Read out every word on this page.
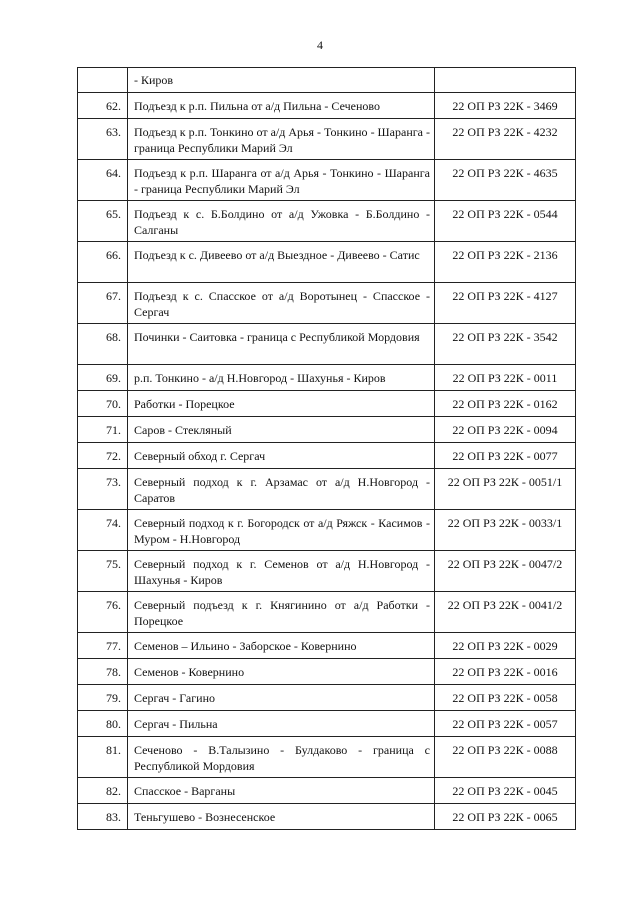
4
	- Киров	
62.	Подъезд к р.п. Пильна от а/д Пильна - Сеченово	22 ОП РЗ 22К - 3469
63.	Подъезд к р.п. Тонкино от а/д Арья - Тонкино - Шаранга - граница Республики Марий Эл	22 ОП РЗ 22К - 4232
64.	Подъезд к р.п. Шаранга от а/д Арья - Тонкино - Шаранга - граница Республики Марий Эл	22 ОП РЗ 22К - 4635
65.	Подъезд к с. Б.Болдино от а/д Ужовка - Б.Болдино - Салганы	22 ОП РЗ 22К - 0544
66.	Подъезд к с. Дивеево от а/д Выездное - Дивеево - Сатис	22 ОП РЗ 22К - 2136
67.	Подъезд к с. Спасское от а/д Воротынец - Спасское - Сергач	22 ОП РЗ 22К - 4127
68.	Починки - Саитовка - граница с Республикой Мордовия	22 ОП РЗ 22К - 3542
69.	р.п. Тонкино - а/д Н.Новгород - Шахунья - Киров	22 ОП РЗ 22К - 0011
70.	Работки - Порецкое	22 ОП РЗ 22К - 0162
71.	Саров - Стекляный	22 ОП РЗ 22К - 0094
72.	Северный обход г. Сергач	22 ОП РЗ 22К - 0077
73.	Северный подход к г. Арзамас от а/д Н.Новгород - Саратов	22 ОП РЗ 22К - 0051/1
74.	Северный подход к г. Богородск от а/д Ряжск - Касимов - Муром - Н.Новгород	22 ОП РЗ 22К - 0033/1
75.	Северный подход к г. Семенов от а/д Н.Новгород - Шахунья - Киров	22 ОП РЗ 22К - 0047/2
76.	Северный подъезд к г. Княгинино от а/д Работки - Порецкое	22 ОП РЗ 22К - 0041/2
77.	Семенов – Ильино - Заборское - Ковернино	22 ОП РЗ 22К - 0029
78.	Семенов - Ковернино	22 ОП РЗ 22К - 0016
79.	Сергач - Гагино	22 ОП РЗ 22К - 0058
80.	Сергач - Пильна	22 ОП РЗ 22К - 0057
81.	Сеченово - В.Талызино - Булдаково - граница с Республикой Мордовия	22 ОП РЗ 22К - 0088
82.	Спасское - Варганы	22 ОП РЗ 22К - 0045
83.	Теньгушево - Вознесенское	22 ОП РЗ 22К - 0065
